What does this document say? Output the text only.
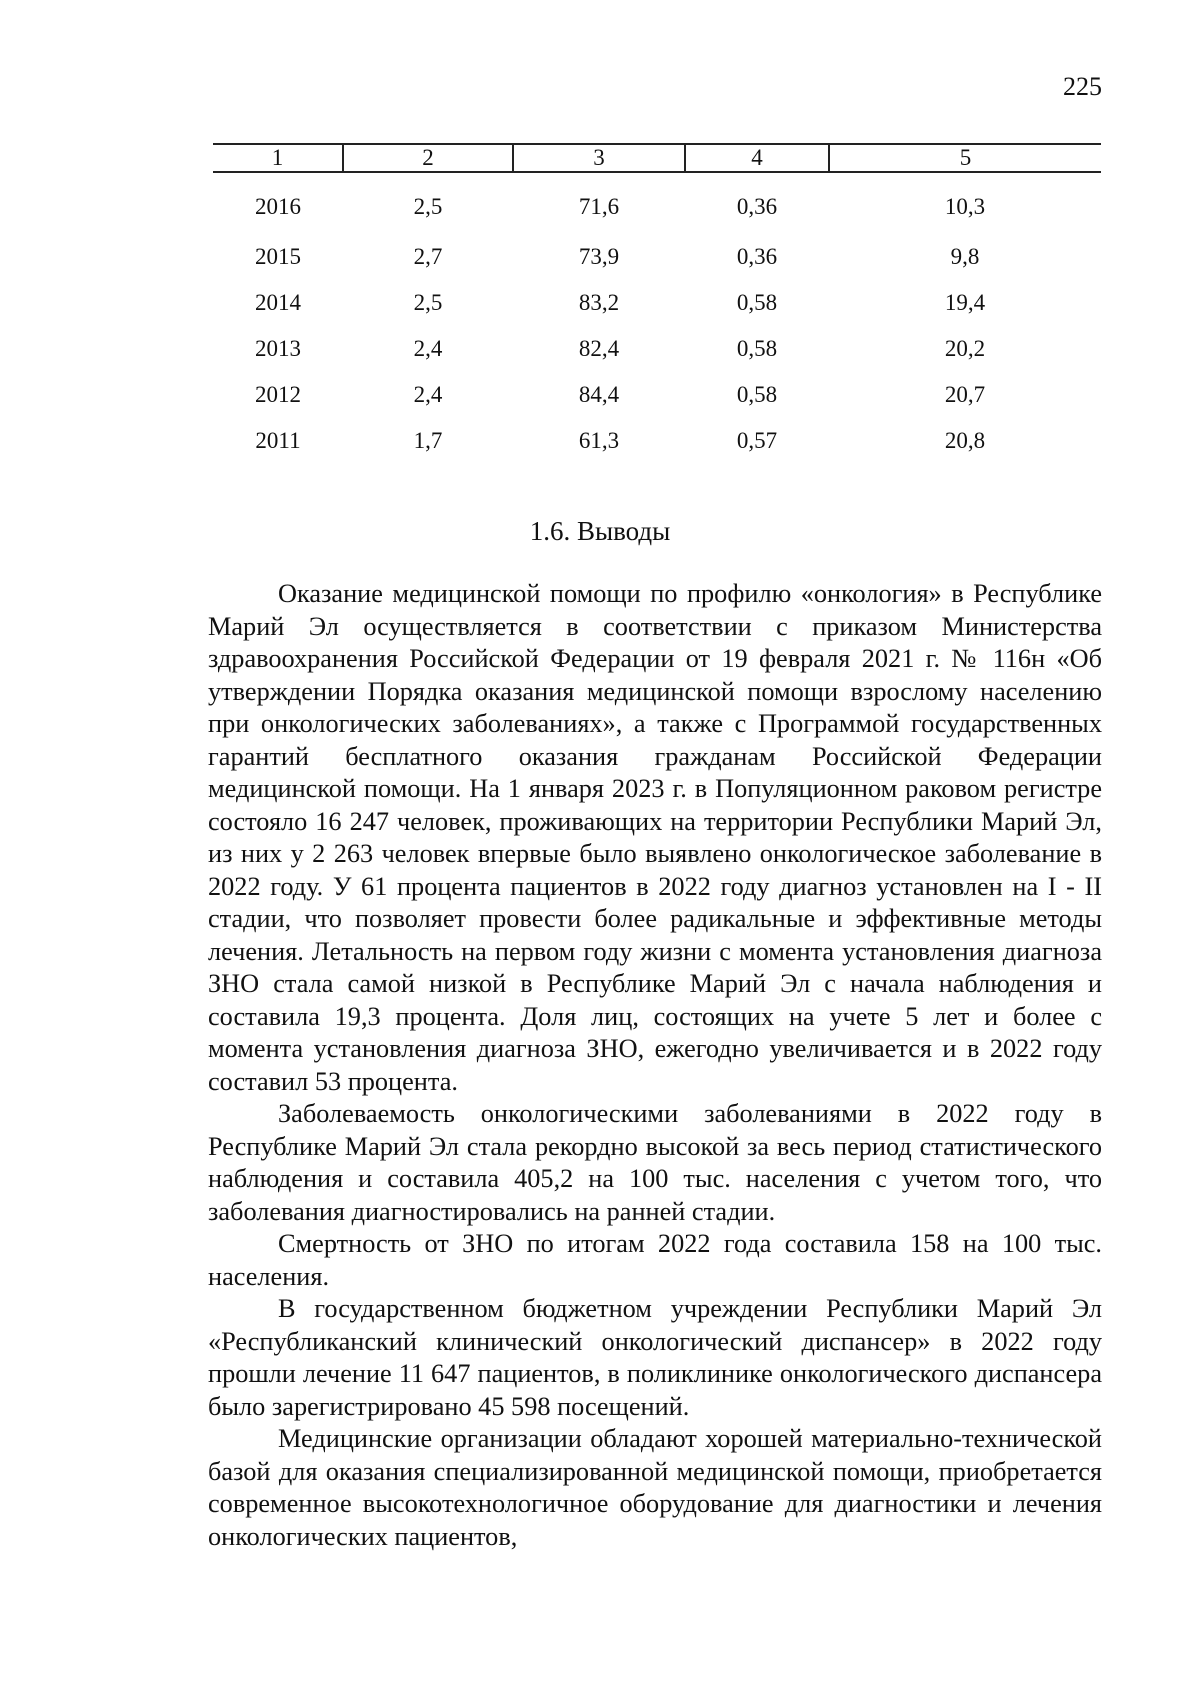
225
1	2	3	4	5
2016	2,5	71,6	0,36	10,3
2015	2,7	73,9	0,36	9,8
2014	2,5	83,2	0,58	19,4
2013	2,4	82,4	0,58	20,2
2012	2,4	84,4	0,58	20,7
2011	1,7	61,3	0,57	20,8
1.6. Выводы

Оказание медицинской помощи по профилю «онкология» в Республике Марий Эл осуществляется в соответствии с приказом Министерства здравоохранения Российской Федерации от 19 февраля 2021 г. № 116н «Об утверждении Порядка оказания медицинской помощи взрослому населению при онкологических заболеваниях», а также с Программой государственных гарантий бесплатного оказания гражданам Российской Федерации медицинской помощи. На 1 января 2023 г. в Популяционном раковом регистре состояло 16 247 человек, проживающих на территории Республики Марий Эл, из них у 2 263 человек впервые было выявлено онкологическое заболевание в 2022 году. У 61 процента пациентов в 2022 году диагноз установлен на I - II стадии, что позволяет провести более радикальные и эффективные методы лечения. Летальность на первом году жизни с момента установления диагноза ЗНО стала самой низкой в Республике Марий Эл с начала наблюдения и составила 19,3 процента. Доля лиц, состоящих на учете 5 лет и более с момента установления диагноза ЗНО, ежегодно увеличивается и в 2022 году составил 53 процента.

Заболеваемость онкологическими заболеваниями в 2022 году в Республике Марий Эл стала рекордно высокой за весь период статистического наблюдения и составила 405,2 на 100 тыс. населения с учетом того, что заболевания диагностировались на ранней стадии.

Смертность от ЗНО по итогам 2022 года составила 158 на 100 тыс. населения.

В государственном бюджетном учреждении Республики Марий Эл «Республиканский клинический онкологический диспансер» в 2022 году прошли лечение 11 647 пациентов, в поликлинике онкологического диспансера было зарегистрировано 45 598 посещений.

Медицинские организации обладают хорошей материально-технической базой для оказания специализированной медицинской помощи, приобретается современное высокотехнологичное оборудование для диагностики и лечения онкологических пациентов,
